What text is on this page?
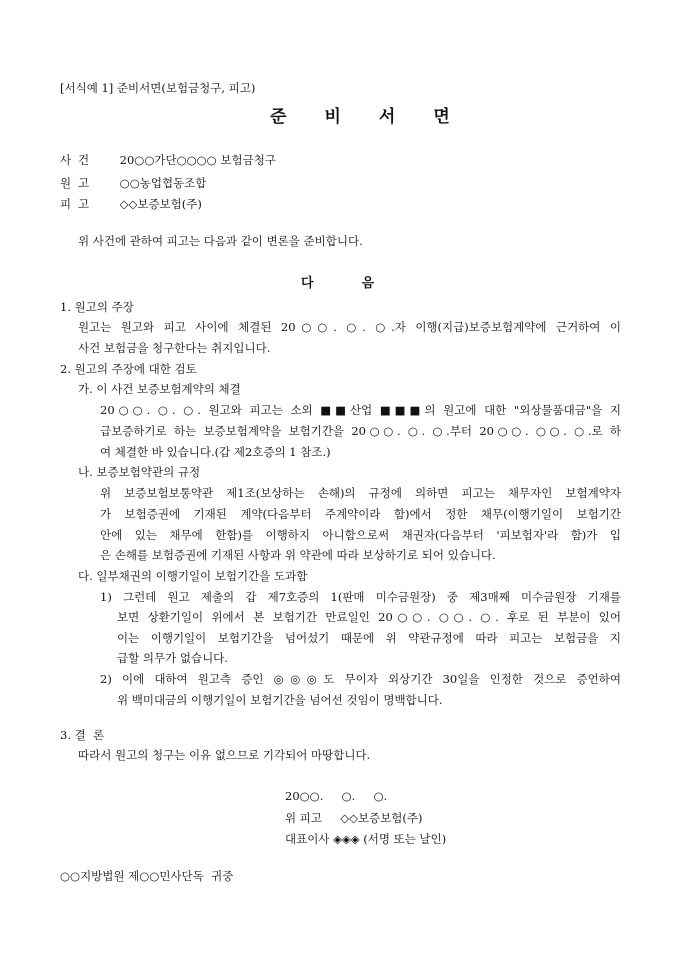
[서식예 1] 준비서면(보험금청구, 피고)
준 비 서 면
사 건	20○○가단○○○○ 보험금청구
원 고	○○농업협동조합
피 고	◇◇보증보험(주)
위 사건에 관하여 피고는 다음과 같이 변론을 준비합니다.
다	음
1. 원고의 주장
원고는 원고와 피고 사이에 체결된 20○○. ○. ○.자 이행(지급)보증보험계약에 근거하여 이
사건 보험금을 청구한다는 취지입니다.
2. 원고의 주장에 대한 검토
가. 이 사건 보증보험계약의 체결
20○○. ○. ○. 원고와 피고는 소외 ■■산업 ■■■의 원고에 대한 "외상물품대금"을 지
급보증하기로 하는 보증보험계약을 보험기간을 20○○. ○. ○.부터 20○○. ○○. ○.로 하
여 체결한 바 있습니다.(갑 제2호증의 1 참조.)
나. 보증보험약관의 규정
위 보증보험보통약관 제1조(보상하는 손해)의 규정에 의하면 피고는 채무자인 보험계약자
가 보험증권에 기재된 계약(다음부터 주계약이라 함)에서 정한 채무(이행기일이 보험기간
안에 있는 채무에 한함)를 이행하지 아니함으로써 채권자(다음부터 '피보험자'라 함)가 입
은 손해를 보험증권에 기재된 사항과 위 약관에 따라 보상하기로 되어 있습니다.
다. 일부채권의 이행기일이 보험기간을 도과함
1) 그런데 원고 제출의 갑 제7호증의 1(판매 미수금원장) 중 제3매째 미수금원장 기재를
보면 상환기일이 위에서 본 보험기간 만료일인 20○○. ○○. ○. 후로 된 부분이 있어
이는 이행기일이 보험기간을 넘어섰기 때문에 위 약관규정에 따라 피고는 보험금을 지
급할 의무가 없습니다.
2) 이에 대하여 원고측 증인 ◎◎◎도 무이자 외상기간 30일을 인정한 것으로 증언하여
위 백미대금의 이행기일이 보험기간을 넘어선 것임이 명백합니다.
3. 결  론
따라서 원고의 청구는 이유 없으므로 기각되어 마땅합니다.
20○○.     ○.     ○.
위 피고     ◇◇보증보험(주)
대표이사 ◈◈◈ (서명 또는 날인)
○○지방법원 제○○민사단독  귀중
